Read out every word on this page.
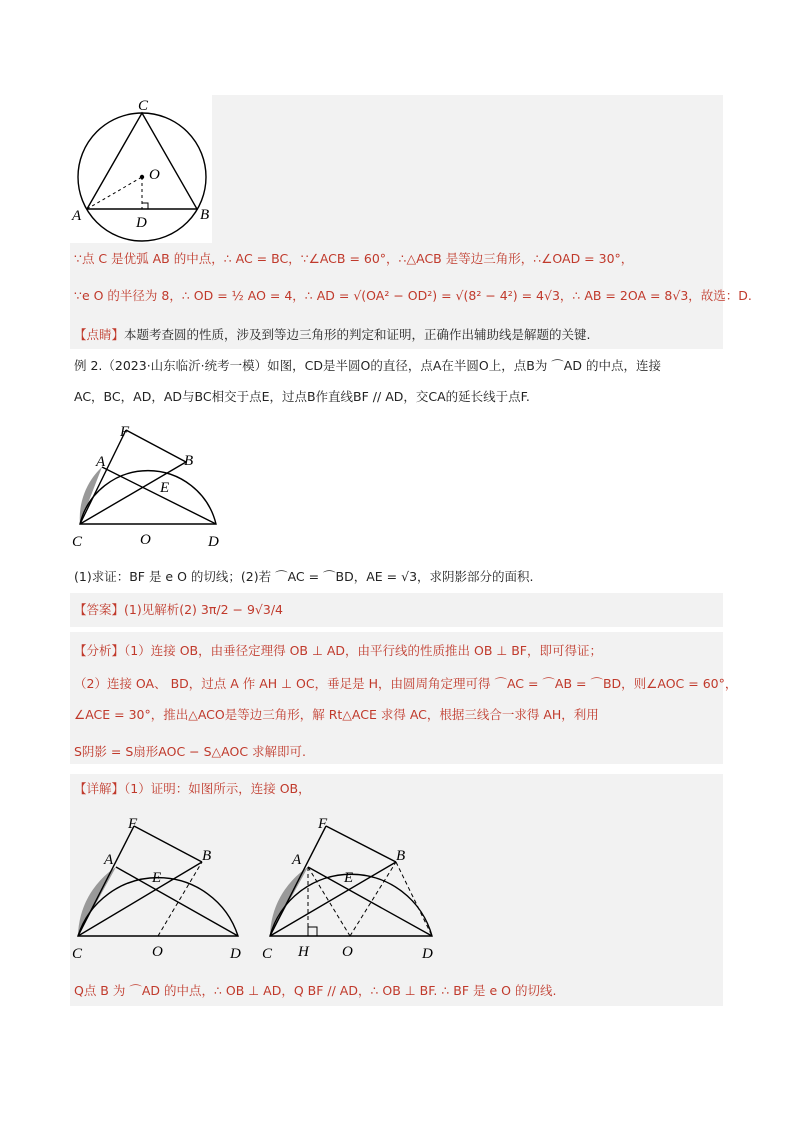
C
O
A	D	B
∵点 C 是优弧 AB 的中点，∴ AC = BC，∵∠ACB = 60°，∴△ACB 是等边三角形，∴∠OAD = 30°，
∵e O 的半径为 8，∴ OD = ½ AO = 4，∴ AD = √(OA² − OD²) = √(8² − 4²) = 4√3，∴ AB = 2OA = 8√3，故选：D.
【点睛】本题考查圆的性质，涉及到等边三角形的判定和证明，正确作出辅助线是解题的关键.
例 2.（2023·山东临沂·统考一模）如图，CD是半圆O的直径，点A在半圆O上，点B为 ⌒AD 的中点，连接
AC，BC，AD，AD与BC相交于点E，过点B作直线BF // AD，交CA的延长线于点F.
F
A	B
E
C	O	D
(1)求证：BF 是 e O 的切线；(2)若 ⌒AC = ⌒BD，AE = √3，求阴影部分的面积.
【答案】(1)见解析(2) 3π/2 − 9√3/4
【分析】（1）连接 OB，由垂径定理得 OB ⊥ AD，由平行线的性质推出 OB ⊥ BF，即可得证；
（2）连接 OA、 BD，过点 A 作 AH ⊥ OC，垂足是 H，由圆周角定理可得 ⌒AC = ⌒AB = ⌒BD，则∠AOC = 60°，
∠ACE = 30°，推出△ACO是等边三角形，解 Rt△ACE 求得 AC，根据三线合一求得 AH，利用
S阴影 = S扇形AOC − S△AOC 求解即可.
【详解】（1）证明：如图所示，连接 OB，
F
A	B
E
C	O	D
F
A	B
E
C H O	D
Q点 B 为 ⌒AD 的中点，∴ OB ⊥ AD，Q BF // AD，∴ OB ⊥ BF. ∴ BF 是 e O 的切线.
